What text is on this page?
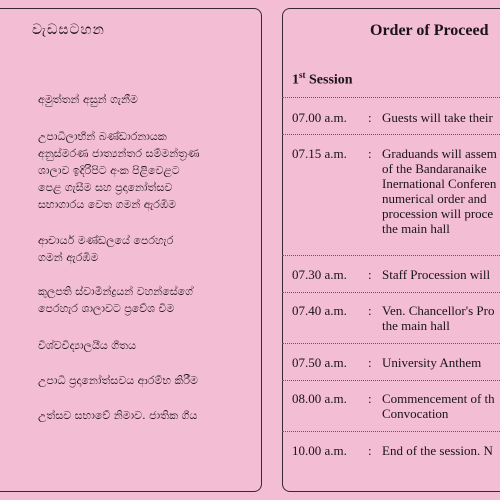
වැඩසටහන
අමුත්තන් අසුන් ගැනීම
උපාධිලාභීන් බණ්ඩාරනායක
අනුස්මරණ ජාත්‍යන්තර සම්මන්ත්‍රණ
ශාලාව ඉදිරිපිට අංක පිළිවෙළට
පෙළ ගැසීම සහ ප්‍රදානෝත්සව
සභාගාරය වෙත ගමන් ඇරඹීම
ආචාර්ය මණ්ඩලයේ පෙරහැර
ගමන් ඇරඹීම
කුලපති ස්වාමීන්ද්‍රයන් වහන්සේගේ
පෙරහැර ශාලාවට ප්‍රවේශ වීම
විශ්වවිද්‍යාලයීය ගීතය
උපාධි ප්‍රදානෝත්සවය ආරම්භ කිරීම
උත්සව සභාවේ නිමාව. ජාතික ගීය
Order of Proceed
1st Session
07.00 a.m. : Guests will take their
07.15 a.m. : Graduands will assem
of the Bandaranaike
Inernational Conferen
numerical order and
procession will proce
the main hall
07.30 a.m. : Staff Procession will
07.40 a.m. : Ven. Chancellor's Pro
the main hall
07.50 a.m. : University Anthem
08.00 a.m. : Commencement of th
Convocation
10.00 a.m. : End of the session. N
